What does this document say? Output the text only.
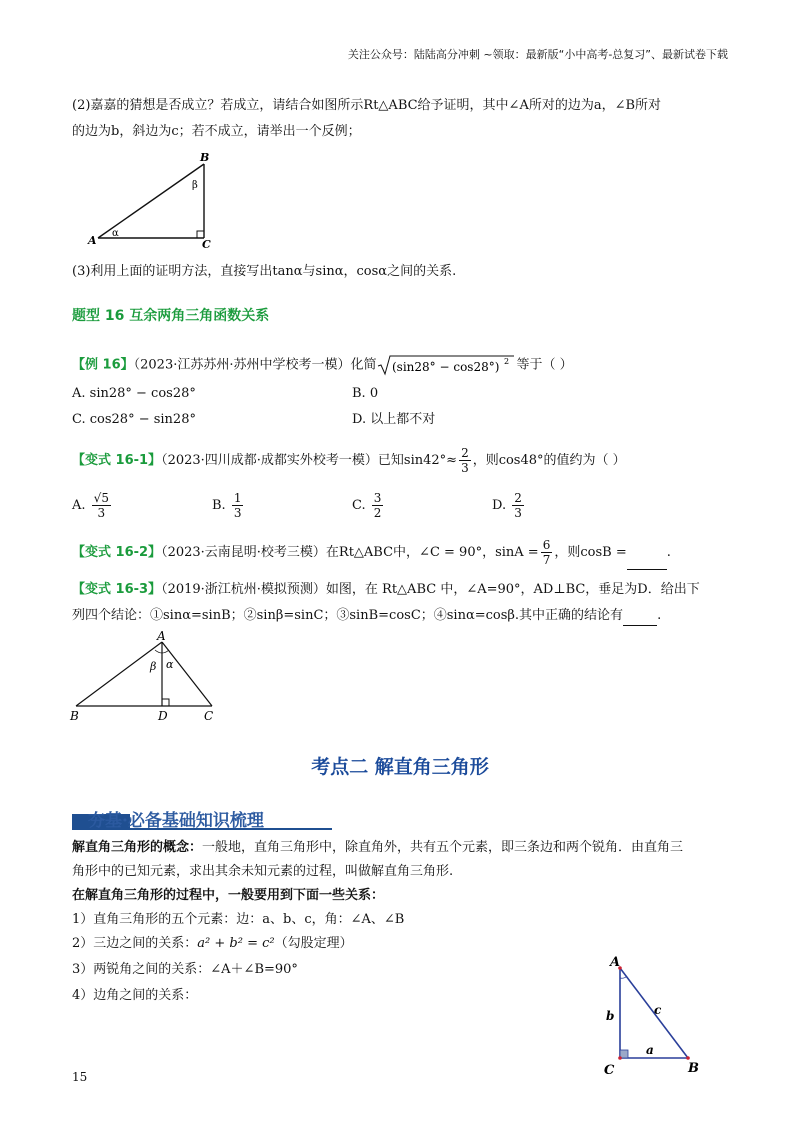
关注公众号：陆陆高分冲刺 ~领取：最新版“小中高考-总复习”、最新试卷下载
(2)嘉嘉的猜想是否成立？若成立，请结合如图所示Rt△ABC给予证明，其中∠A所对的边为a，∠B所对
的边为b，斜边为c；若不成立，请举出一个反例；
A
B
C
α
β
(3)利用上面的证明方法，直接写出tanα与sinα，cosα之间的关系.
题型 16 互余两角三角函数关系
【例 16】（2023·江苏苏州·苏州中学校考一模）化简 (sin28° − cos28°) 2 等于（ ）
A. sin28° − cos28°	B. 0
C. cos28° − sin28°	D. 以上都不对
【变式 16-1】（2023·四川成都·成都实外校考一模）已知$\sin 42^\circ\approx \frac{2}{3}$ ，则cos48°的值约为（ ）
A. $\frac{√5}{3}$	B. $\frac{1}{3}$	C. $\frac{3}{2}$	D. $\frac{2}{3}$
【变式 16-2】（2023·云南昆明·校考三模）在Rt△ABC中，∠C = 90°，$\sin A = \frac{6}{7}$ ，则cosB =	.
【变式 16-3】（2019·浙江杭州·模拟预测）如图，在 Rt△ABC 中，∠A=90°，AD⊥BC，垂足为D．给出下
列四个结论：①sinα=sinB；②sinβ=sinC；③sinB=cosC；④sinα=cosβ.其中正确的结论有	.
A
B	D	C
β α
考点二 解直角三角形
夯基·必备基础知识梳理
解直角三角形的概念：一般地，直角三角形中，除直角外，共有五个元素，即三条边和两个锐角．由直角三
角形中的已知元素，求出其余未知元素的过程，叫做解直角三角形.
在解直角三角形的过程中，一般要用到下面一些关系：
1）直角三角形的五个元素：边：a、b、c，角：∠A、∠B
2）三边之间的关系：a² + b² = c²（勾股定理）
3）两锐角之间的关系：∠A＋∠B=90°
4）边角之间的关系：
A
C	B
b	c
a
15
